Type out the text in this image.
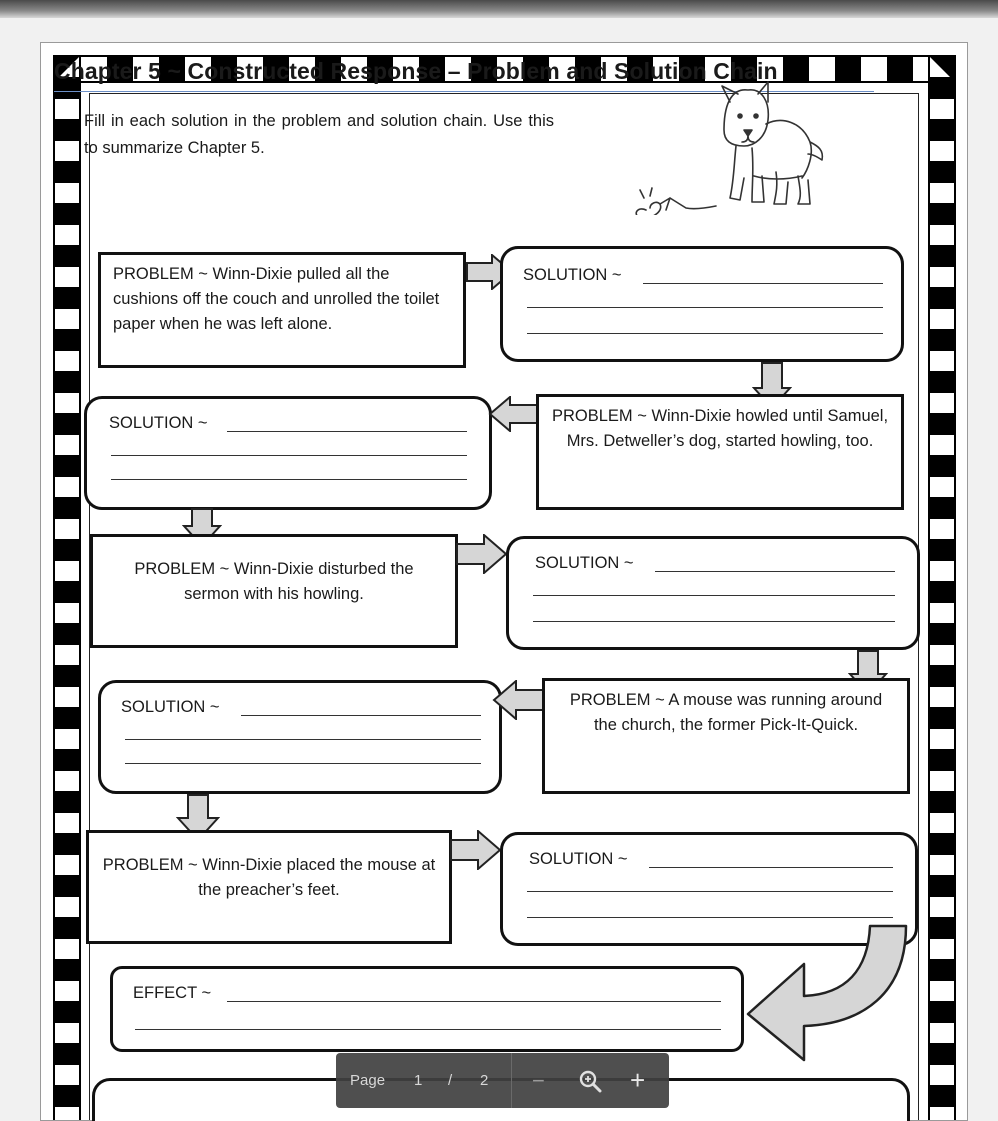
Chapter 5 ~ Constructed Response – Problem and Solution Chain
Fill in each solution in the problem and solution chain. Use this to summarize Chapter 5.
PROBLEM ~ Winn-Dixie pulled all the cushions off the couch and unrolled the toilet paper when he was left alone.
SOLUTION ~
SOLUTION ~	PROBLEM ~ Winn-Dixie howled until Samuel, Mrs. Detweller’s dog, started howling, too.
PROBLEM ~ Winn-Dixie disturbed the sermon with his howling.
SOLUTION ~
SOLUTION ~	PROBLEM ~ A mouse was running around the church, the former Pick-It-Quick.
PROBLEM ~ Winn-Dixie placed the mouse at the preacher’s feet.
SOLUTION ~
EFFECT ~
Page 1 / 2 −	+
